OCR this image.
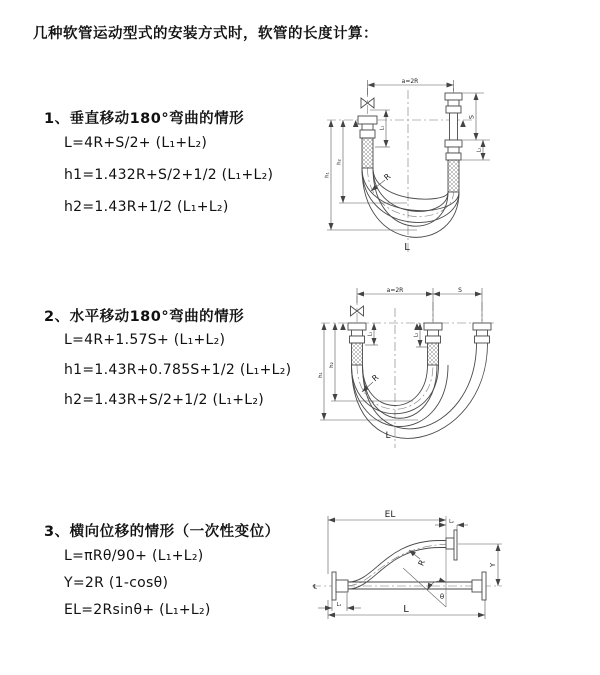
几种软管运动型式的安装方式时，软管的长度计算：
1、垂直移动180°弯曲的情形
L=4R+S/2+ (L₁+L₂)
h1=1.432R+S/2+1/2 (L₁+L₂)
h2=1.43R+1/2 (L₁+L₂)
2、水平移动180°弯曲的情形
L=4R+1.57S+ (L₁+L₂)
h1=1.43R+0.785S+1/2 (L₁+L₂)
h2=1.43R+S/2+1/2 (L₁+L₂)
3、横向位移的情形（一次性变位）
L=πRθ/90+ (L₁+L₂)
Y=2R (1-cosθ)
EL=2Rsinθ+ (L₁+L₂)
a=2R
S
L₁
L₂
h₁
h₂
R
L
a=2R	S
h₁
h₂
L₁	L₂
R
L
EL
L₂
Y
R
θ
L
L₁
℄
